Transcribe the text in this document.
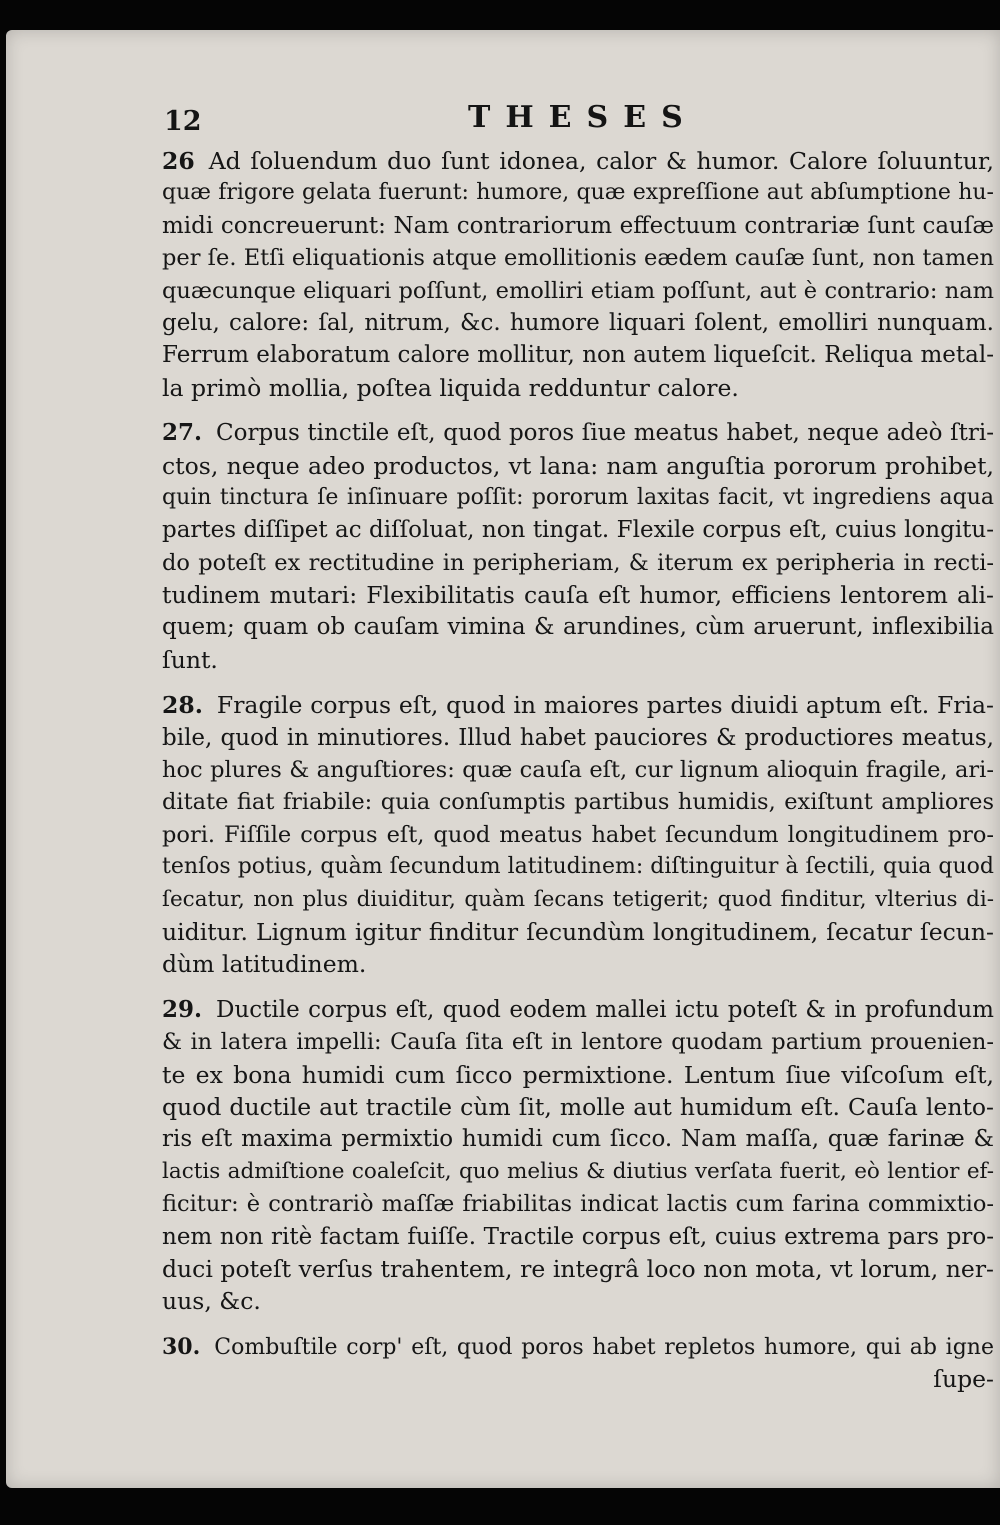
12	THESES
26 Ad ſoluendum duo ſunt idonea, calor & humor. Calore ſoluuntur,
quæ frigore gelata fuerunt: humore, quæ expreſſione aut abſumptione hu-
midi concreuerunt: Nam contrariorum effectuum contrariæ ſunt cauſæ
per ſe. Etſi eliquationis atque emollitionis eædem cauſæ ſunt, non tamen
quæcunque eliquari poſſunt, emolliri etiam poſſunt, aut è contrario: nam
gelu, calore: ſal, nitrum, &c. humore liquari ſolent, emolliri nunquam.
Ferrum elaboratum calore mollitur, non autem liqueſcit. Reliqua metal-
la primò mollia, poſtea liquida redduntur calore.
27. Corpus tinctile eſt, quod poros ſiue meatus habet, neque adeò ſtri-
ctos, neque adeo productos, vt lana: nam anguſtia pororum prohibet,
quin tinctura ſe inſinuare poſſit: pororum laxitas facit, vt ingrediens aqua
partes diſſipet ac diſſoluat, non tingat. Flexile corpus eſt, cuius longitu-
do poteſt ex rectitudine in peripheriam, & iterum ex peripheria in recti-
tudinem mutari: Flexibilitatis cauſa eſt humor, efficiens lentorem ali-
quem; quam ob cauſam vimina & arundines, cùm aruerunt, inflexibilia
ſunt.
28. Fragile corpus eſt, quod in maiores partes diuidi aptum eſt. Fria-
bile, quod in minutiores. Illud habet pauciores & productiores meatus,
hoc plures & anguſtiores: quæ cauſa eſt, cur lignum alioquin fragile, ari-
ditate fiat friabile: quia conſumptis partibus humidis, exiſtunt ampliores
pori. Fiſſile corpus eſt, quod meatus habet ſecundum longitudinem pro-
tenſos potius, quàm ſecundum latitudinem: diſtinguitur à ſectili, quia quod
ſecatur, non plus diuiditur, quàm ſecans tetigerit; quod finditur, vlterius di-
uiditur. Lignum igitur finditur ſecundùm longitudinem, ſecatur ſecun-
dùm latitudinem.
29. Ductile corpus eſt, quod eodem mallei ictu poteſt & in profundum
& in latera impelli: Cauſa ſita eſt in lentore quodam partium prouenien-
te ex bona humidi cum ſicco permixtione. Lentum ſiue viſcoſum eſt,
quod ductile aut tractile cùm ſit, molle aut humidum eſt. Cauſa lento-
ris eſt maxima permixtio humidi cum ſicco. Nam maſſa, quæ farinæ &
lactis admiſtione coaleſcit, quo melius & diutius verſata fuerit, eò lentior ef-
ficitur: è contrariò maſſæ friabilitas indicat lactis cum farina commixtio-
nem non ritè factam fuiſſe. Tractile corpus eſt, cuius extrema pars pro-
duci poteſt verſus trahentem, re integrâ loco non mota, vt lorum, ner-
uus, &c.
30. Combuſtile corp' eſt, quod poros habet repletos humore, qui ab igne
ſupe-
